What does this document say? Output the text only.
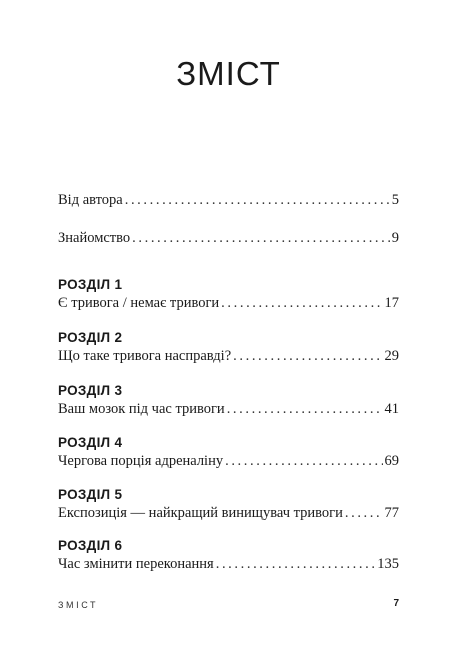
ЗМІСТ
Від автора .....	5
Знайомство .....	9
РОЗДІЛ 1
Є тривога / немає тривоги .....	17
РОЗДІЛ 2
Що таке тривога насправді? .....	29
РОЗДІЛ 3
Ваш мозок під час тривоги .....	41
РОЗДІЛ 4
Чергова порція адреналіну .....	69
РОЗДІЛ 5
Експозиція — найкращий винищувач тривоги .....	77
РОЗДІЛ 6
Час змінити переконання .....	135
ЗМІСТ	7
